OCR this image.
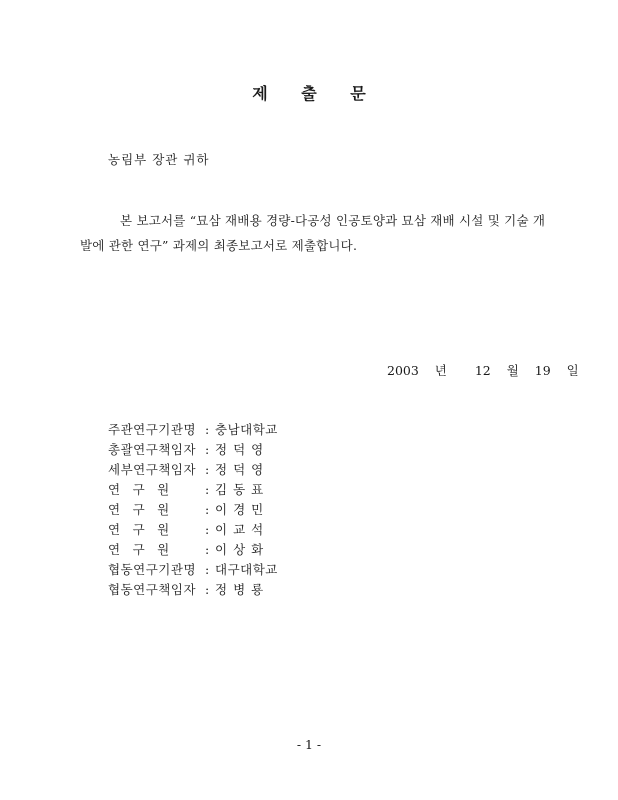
제 출 문
농림부 장관 귀하
본 보고서를 “묘삼 재배용 경량-다공성 인공토양과 묘삼 재배 시설 및 기술 개
발에 관한 연구” 과제의 최종보고서로 제출합니다.
2003 년 12 월 19 일
주관연구기관명 : 충남대학교
총괄연구책임자 : 정덕영
세부연구책임자 : 정덕영
연　구　원	: 김동표
연　구　원	: 이경민
연　구　원	: 이교석
연　구　원	: 이상화
협동연구기관명 : 대구대학교
협동연구책임자 : 정병룡
- 1 -
